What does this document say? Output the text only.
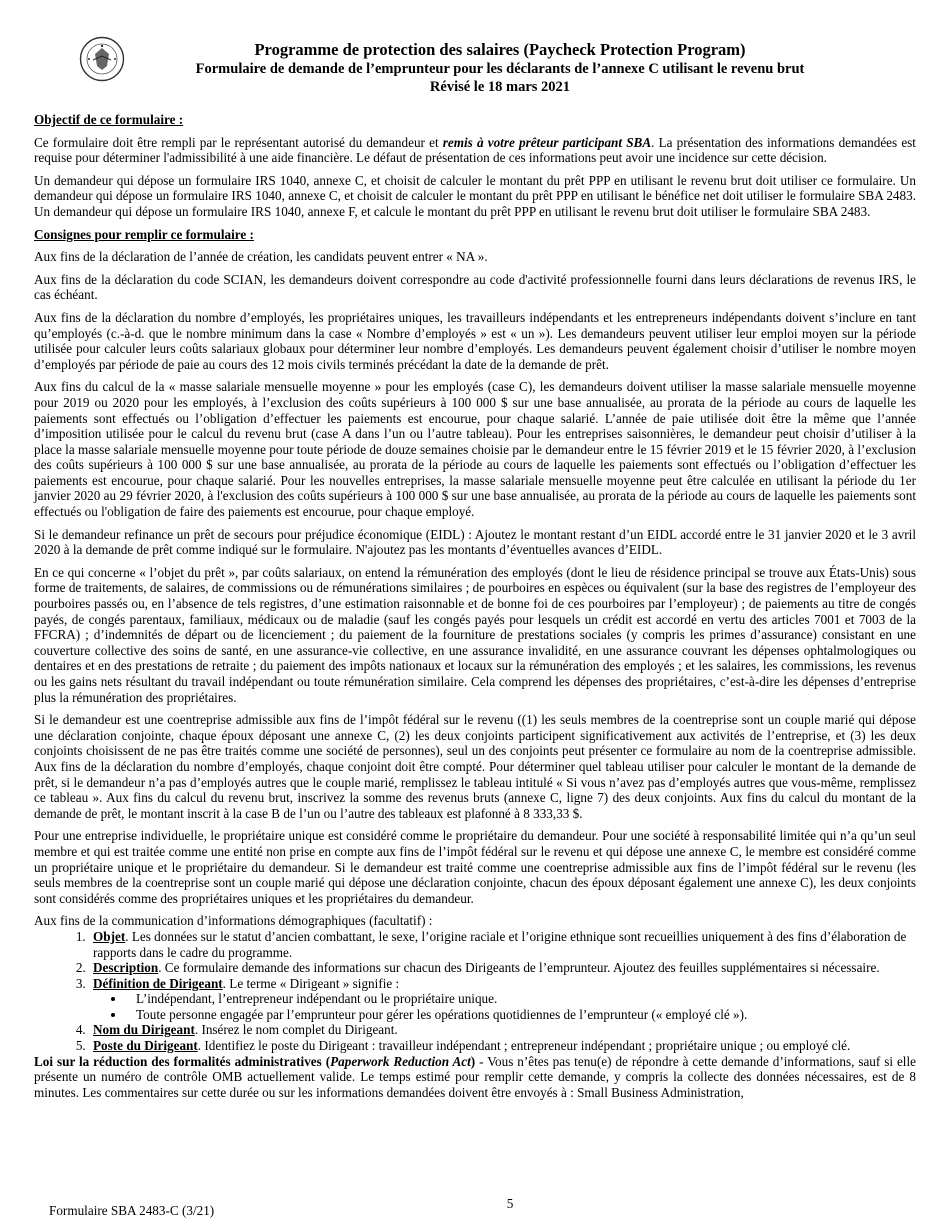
Programme de protection des salaires (Paycheck Protection Program)
Formulaire de demande de l’emprunteur pour les déclarants de l’annexe C utilisant le revenu brut
Révisé le 18 mars 2021
Objectif de ce formulaire :

Ce formulaire doit être rempli par le représentant autorisé du demandeur et remis à votre prêteur participant SBA. La présentation des informations demandées est requise pour déterminer l'admissibilité à une aide financière. Le défaut de présentation de ces informations peut avoir une incidence sur cette décision.

Un demandeur qui dépose un formulaire IRS 1040, annexe C, et choisit de calculer le montant du prêt PPP en utilisant le revenu brut doit utiliser ce formulaire. Un demandeur qui dépose un formulaire IRS 1040, annexe C, et choisit de calculer le montant du prêt PPP en utilisant le bénéfice net doit utiliser le formulaire SBA 2483. Un demandeur qui dépose un formulaire IRS 1040, annexe F, et calcule le montant du prêt PPP en utilisant le revenu brut doit utiliser le formulaire SBA 2483.

Consignes pour remplir ce formulaire :

Aux fins de la déclaration de l’année de création, les candidats peuvent entrer « NA ».

Aux fins de la déclaration du code SCIAN, les demandeurs doivent correspondre au code d'activité professionnelle fourni dans leurs déclarations de revenus IRS, le cas échéant.

Aux fins de la déclaration du nombre d’employés, les propriétaires uniques, les travailleurs indépendants et les entrepreneurs indépendants doivent s’inclure en tant qu’employés (c.-à-d. que le nombre minimum dans la case « Nombre d’employés » est « un »). Les demandeurs peuvent utiliser leur emploi moyen sur la période utilisée pour calculer leurs coûts salariaux globaux pour déterminer leur nombre d’employés. Les demandeurs peuvent également choisir d’utiliser le nombre moyen d’employés par période de paie au cours des 12 mois civils terminés précédant la date de la demande de prêt.

Aux fins du calcul de la « masse salariale mensuelle moyenne » pour les employés (case C), les demandeurs doivent utiliser la masse salariale mensuelle moyenne pour 2019 ou 2020 pour les employés, à l’exclusion des coûts supérieurs à 100 000 $ sur une base annualisée, au prorata de la période au cours de laquelle les paiements sont effectués ou l’obligation d’effectuer les paiements est encourue, pour chaque salarié. L’année de paie utilisée doit être la même que l’année d’imposition utilisée pour le calcul du revenu brut (case A dans l’un ou l’autre tableau). Pour les entreprises saisonnières, le demandeur peut choisir d’utiliser à la place la masse salariale mensuelle moyenne pour toute période de douze semaines choisie par le demandeur entre le 15 février 2019 et le 15 février 2020, à l’exclusion des coûts supérieurs à 100 000 $ sur une base annualisée, au prorata de la période au cours de laquelle les paiements sont effectués ou l’obligation d’effectuer les paiements est encourue, pour chaque salarié. Pour les nouvelles entreprises, la masse salariale mensuelle moyenne peut être calculée en utilisant la période du 1er janvier 2020 au 29 février 2020, à l'exclusion des coûts supérieurs à 100 000 $ sur une base annualisée, au prorata de la période au cours de laquelle les paiements sont effectués ou l'obligation de faire des paiements est encourue, pour chaque employé.

Si le demandeur refinance un prêt de secours pour préjudice économique (EIDL) : Ajoutez le montant restant d’un EIDL accordé entre le 31 janvier 2020 et le 3 avril 2020 à la demande de prêt comme indiqué sur le formulaire. N'ajoutez pas les montants d’éventuelles avances d’EIDL.

En ce qui concerne « l’objet du prêt », par coûts salariaux, on entend la rémunération des employés (dont le lieu de résidence principal se trouve aux États-Unis) sous forme de traitements, de salaires, de commissions ou de rémunérations similaires ; de pourboires en espèces ou équivalent (sur la base des registres de l’employeur des pourboires passés ou, en l’absence de tels registres, d’une estimation raisonnable et de bonne foi de ces pourboires par l’employeur) ; de paiements au titre de congés payés, de congés parentaux, familiaux, médicaux ou de maladie (sauf les congés payés pour lesquels un crédit est accordé en vertu des articles 7001 et 7003 de la FFCRA) ; d’indemnités de départ ou de licenciement ; du paiement de la fourniture de prestations sociales (y compris les primes d’assurance) consistant en une couverture collective des soins de santé, en une assurance-vie collective, en une assurance invalidité, en une assurance couvrant les dépenses ophtalmologiques ou dentaires et en des prestations de retraite ; du paiement des impôts nationaux et locaux sur la rémunération des employés ; et les salaires, les commissions, les revenus ou les gains nets résultant du travail indépendant ou toute rémunération similaire. Cela comprend les dépenses des propriétaires, c’est-à-dire les dépenses d’entreprise plus la rémunération des propriétaires.

Si le demandeur est une coentreprise admissible aux fins de l’impôt fédéral sur le revenu ((1) les seuls membres de la coentreprise sont un couple marié qui dépose une déclaration conjointe, chaque époux déposant une annexe C, (2) les deux conjoints participent significativement aux activités de l’entreprise, et (3) les deux conjoints choisissent de ne pas être traités comme une société de personnes), seul un des conjoints peut présenter ce formulaire au nom de la coentreprise admissible. Aux fins de la déclaration du nombre d’employés, chaque conjoint doit être compté. Pour déterminer quel tableau utiliser pour calculer le montant de la demande de prêt, si le demandeur n’a pas d’employés autres que le couple marié, remplissez le tableau intitulé « Si vous n’avez pas d’employés autres que vous-même, remplissez ce tableau ». Aux fins du calcul du revenu brut, inscrivez la somme des revenus bruts (annexe C, ligne 7) des deux conjoints. Aux fins du calcul du montant de la demande de prêt, le montant inscrit à la case B de l’un ou l’autre des tableaux est plafonné à 8 333,33 $.

Pour une entreprise individuelle, le propriétaire unique est considéré comme le propriétaire du demandeur. Pour une société à responsabilité limitée qui n’a qu’un seul membre et qui est traitée comme une entité non prise en compte aux fins de l’impôt fédéral sur le revenu et qui dépose une annexe C, le membre est considéré comme un propriétaire unique et le propriétaire du demandeur. Si le demandeur est traité comme une coentreprise admissible aux fins de l’impôt fédéral sur le revenu (les seuls membres de la coentreprise sont un couple marié qui dépose une déclaration conjointe, chacun des époux déposant également une annexe C), les deux conjoints sont considérés comme des propriétaires uniques et les propriétaires du demandeur.

Aux fins de la communication d’informations démographiques (facultatif) :
1. Objet. Les données sur le statut d’ancien combattant, le sexe, l’origine raciale et l’origine ethnique sont recueillies uniquement à des fins d’élaboration de rapports dans le cadre du programme.
2. Description. Ce formulaire demande des informations sur chacun des Dirigeants de l’emprunteur. Ajoutez des feuilles supplémentaires si nécessaire.
3. Définition de Dirigeant. Le terme « Dirigeant » signifie :
• L’indépendant, l’entrepreneur indépendant ou le propriétaire unique.
• Toute personne engagée par l’emprunteur pour gérer les opérations quotidiennes de l’emprunteur (« employé clé »).
4. Nom du Dirigeant. Insérez le nom complet du Dirigeant.
5. Poste du Dirigeant. Identifiez le poste du Dirigeant : travailleur indépendant ; entrepreneur indépendant ; propriétaire unique ; ou employé clé.

Loi sur la réduction des formalités administratives (Paperwork Reduction Act) - Vous n’êtes pas tenu(e) de répondre à cette demande d’informations, sauf si elle présente un numéro de contrôle OMB actuellement valide. Le temps estimé pour remplir cette demande, y compris la collecte des données nécessaires, est de 8 minutes. Les commentaires sur cette durée ou sur les informations demandées doivent être envoyés à : Small Business Administration,

Formulaire SBA 2483-C (3/21)	5
